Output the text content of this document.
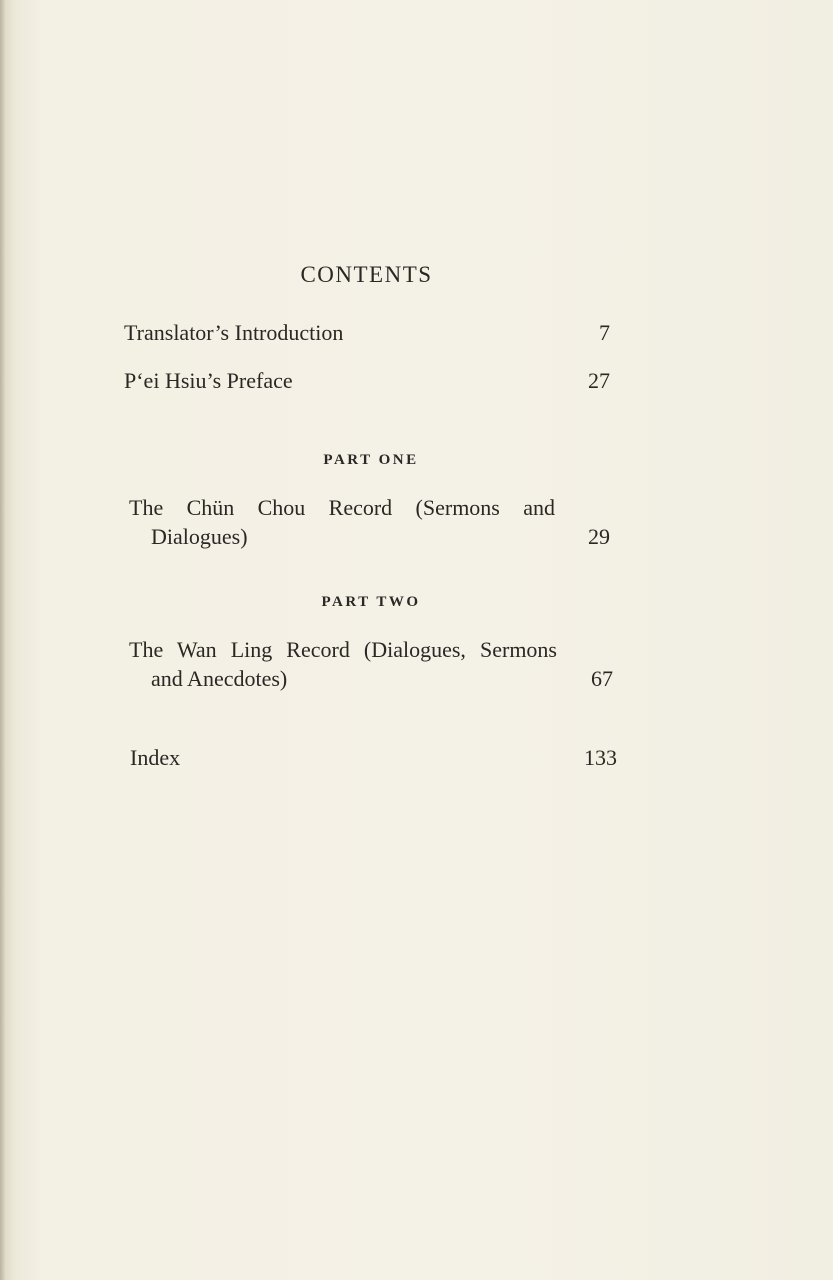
CONTENTS
Translator’s Introduction	7
P‘ei Hsiu’s Preface	27
PART ONE
The Chün Chou Record (Sermons and
Dialogues)	29
PART TWO
The Wan Ling Record (Dialogues, Sermons
and Anecdotes)	67
Index	133
